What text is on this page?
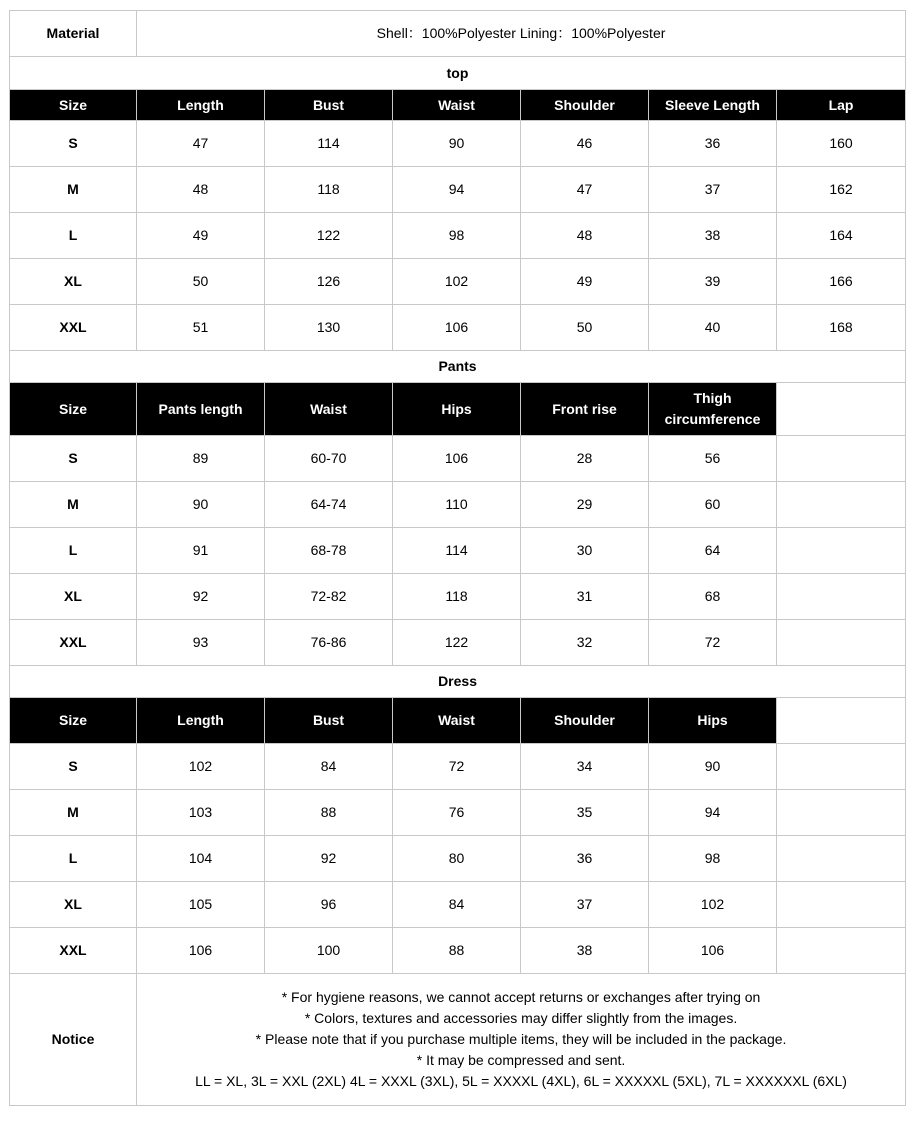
Material	Shell：100%Polyester Lining：100%Polyester					
top						
Size	Length	Bust	Waist	Shoulder	Sleeve Length	Lap
S	47	114	90	46	36	160
M	48	118	94	47	37	162
L	49	122	98	48	38	164
XL	50	126	102	49	39	166
XXL	51	130	106	50	40	168
Pants						
Size	Pants length	Waist	Hips	Front rise	Thigh circumference	
S	89	60-70	106	28	56	
M	90	64-74	110	29	60	
L	91	68-78	114	30	64	
XL	92	72-82	118	31	68	
XXL	93	76-86	122	32	72	
Dress						
Size	Length	Bust	Waist	Shoulder	Hips	
S	102	84	72	34	90	
M	103	88	76	35	94	
L	104	92	80	36	98	
XL	105	96	84	37	102	
XXL	106	100	88	38	106	
Notice	* For hygiene reasons, we cannot accept returns or exchanges after trying on
* Colors, textures and accessories may differ slightly from the images.
* Please note that if you purchase multiple items, they will be included in the package.
* It may be compressed and sent.
LL = XL, 3L = XXL (2XL) 4L = XXXL (3XL), 5L = XXXXL (4XL), 6L = XXXXXL (5XL), 7L = XXXXXXL (6XL)					
